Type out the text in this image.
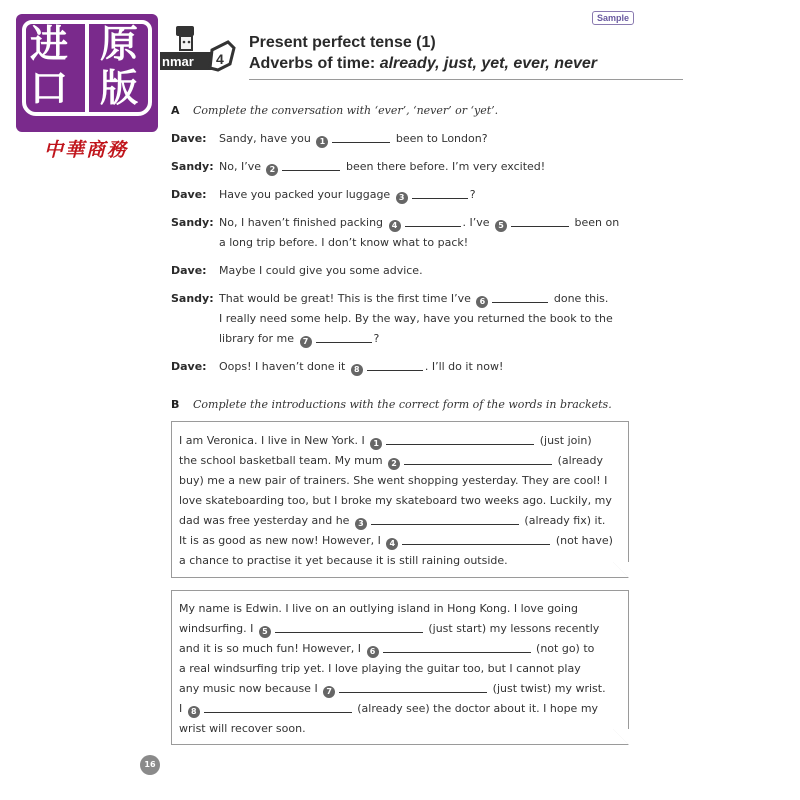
进 原
口 版
中華商務
nmar 4
Sample
Present perfect tense (1)
Adverbs of time: already, just, yet, ever, never
A Complete the conversation with ‘ever’, ‘never’ or ‘yet’.
Dave: Sandy, have you 1	been to London?
Sandy: No, I’ve 2	been there before. I’m very excited!
Dave: Have you packed your luggage 3	?
Sandy: No, I haven’t finished packing 4	. I’ve 5	been on
a long trip before. I don’t know what to pack!
Dave: Maybe I could give you some advice.
Sandy: That would be great! This is the first time I’ve 6	done this.
I really need some help. By the way, have you returned the book to the
library for me 7	?
Dave: Oops! I haven’t done it 8	. I’ll do it now!
B Complete the introductions with the correct form of the words in brackets.
I am Veronica. I live in New York. I 1	(just join)
the school basketball team. My mum 2	(already
buy) me a new pair of trainers. She went shopping yesterday. They are cool! I
love skateboarding too, but I broke my skateboard two weeks ago. Luckily, my
dad was free yesterday and he 3	(already fix) it.
It is as good as new now! However, I 4	(not have)
a chance to practise it yet because it is still raining outside.
My name is Edwin. I live on an outlying island in Hong Kong. I love going
windsurfing. I 5	(just start) my lessons recently
and it is so much fun! However, I 6	(not go) to
a real windsurfing trip yet. I love playing the guitar too, but I cannot play
any music now because I 7	(just twist) my wrist.
I 8	(already see) the doctor about it. I hope my
wrist will recover soon.
16
